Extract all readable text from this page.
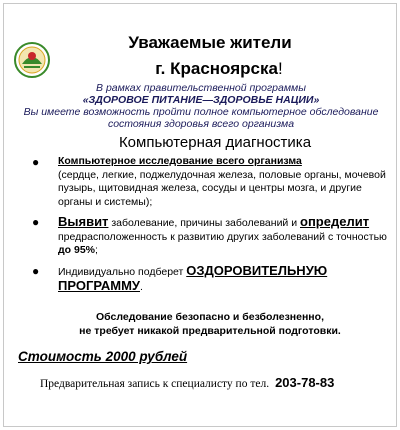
Уважаемые жители
г. Красноярска!
В рамках правительственной программы
«ЗДОРОВОЕ ПИТАНИЕ—ЗДОРОВЬЕ НАЦИИ»
Вы имеете возможность пройти полное компьютерное обследование
состояния здоровья всего организма
Компьютерная диагностика
● Компьютерное исследование всего организма
(сердце, легкие, поджелудочная железа, половые органы, мочевой пузырь, щитовидная железа, сосуды и центры мозга, и другие органы и системы);
● Выявит заболевание, причины заболеваний и определит предрасположенность к развитию других заболеваний с точностью до 95%;
● Индивидуально подберет ОЗДОРОВИТЕЛЬНУЮ ПРОГРАММУ.
Обследование безопасно и безболезненно,
не требует никакой предварительной подготовки.
Стоимость 2000 рублей
Предварительная запись к специалисту по тел. 203-78-83
